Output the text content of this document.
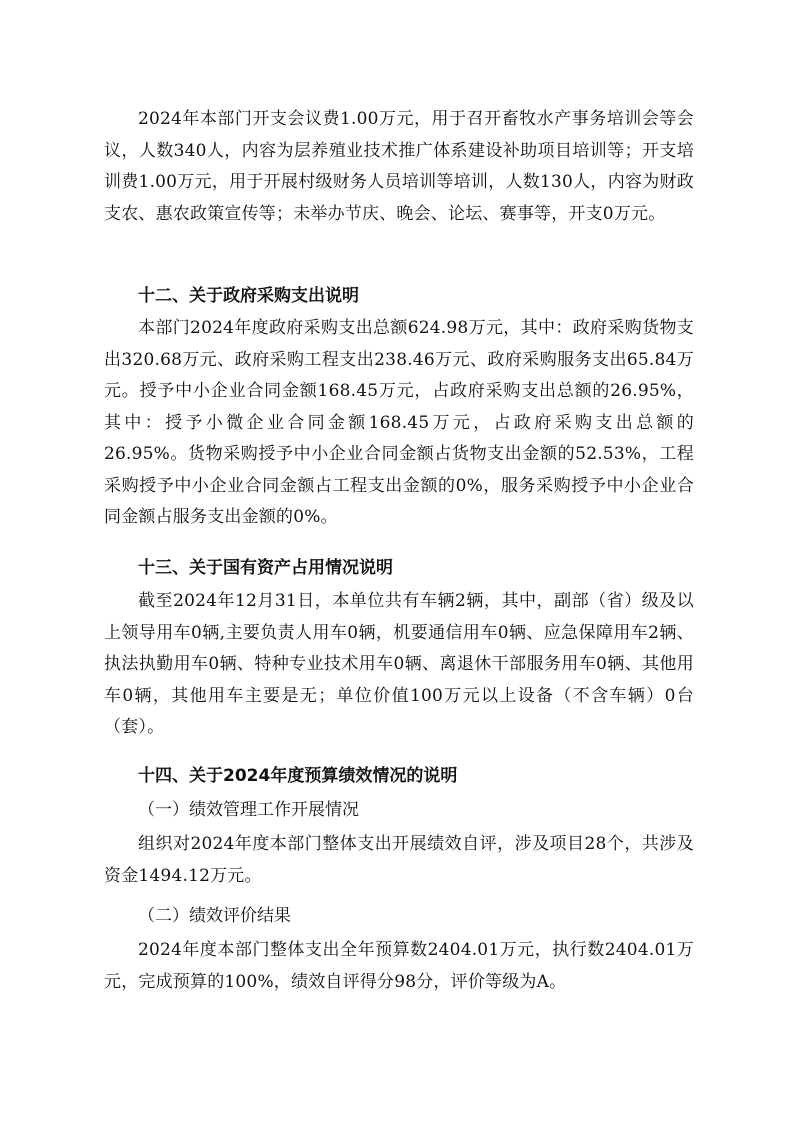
2024年本部门开支会议费1.00万元，用于召开畜牧水产事务培训会等会议，人数340人，内容为层养殖业技术推广体系建设补助项目培训等；开支培训费1.00万元，用于开展村级财务人员培训等培训，人数130人，内容为财政支农、惠农政策宣传等；未举办节庆、晚会、论坛、赛事等，开支0万元。

十二、关于政府采购支出说明

本部门2024年度政府采购支出总额624.98万元，其中：政府采购货物支出320.68万元、政府采购工程支出238.46万元、政府采购服务支出65.84万元。授予中小企业合同金额168.45万元，占政府采购支出总额的26.95%，其中：授予小微企业合同金额168.45万元，占政府采购支出总额的26.95%。货物采购授予中小企业合同金额占货物支出金额的52.53%，工程采购授予中小企业合同金额占工程支出金额的0%，服务采购授予中小企业合同金额占服务支出金额的0%。

十三、关于国有资产占用情况说明

截至2024年12月31日，本单位共有车辆2辆，其中，副部（省）级及以上领导用车0辆,主要负责人用车0辆，机要通信用车0辆、应急保障用车2辆、执法执勤用车0辆、特种专业技术用车0辆、离退休干部服务用车0辆、其他用车0辆，其他用车主要是无；单位价值100万元以上设备（不含车辆）0台（套）。

十四、关于2024年度预算绩效情况的说明

（一）绩效管理工作开展情况

组织对2024年度本部门整体支出开展绩效自评，涉及项目28个，共涉及资金1494.12万元。

（二）绩效评价结果

2024年度本部门整体支出全年预算数2404.01万元，执行数2404.01万元，完成预算的100%，绩效自评得分98分，评价等级为A。
